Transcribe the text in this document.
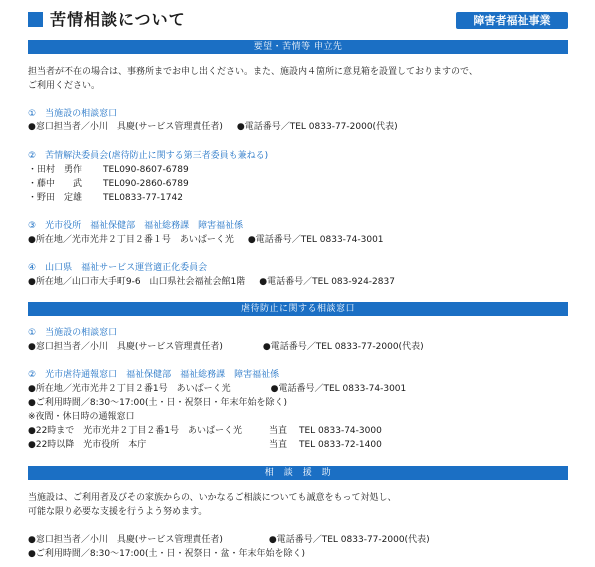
苦情相談について	障害者福祉事業
要望・苦情等 申立先
担当者が不在の場合は、事務所までお申し出ください。また、施設内４箇所に意見箱を設置しておりますので、
ご利用ください。
①　当施設の相談窓口
●窓口担当者／小川　具慶(サービス管理責任者) ●電話番号／TEL 0833-77-2000(代表)
②　苦情解決委員会(虐待防止に関する第三者委員も兼ねる)
・田村　勇作 TEL090-8607-6789
・藤中　　武 TEL090-2860-6789
・野田　定雄 TEL0833-77-1742
③　光市役所　福祉保健部　福祉総務課　障害福祉係
●所在地／光市光井２丁目２番１号　あいぱーく光 ●電話番号／TEL 0833-74-3001
④　山口県　福祉サービス運営適正化委員会
●所在地／山口市大手町9-6　山口県社会福祉会館1階 ●電話番号／TEL 083-924-2837
虐待防止に関する相談窓口
①　当施設の相談窓口
●窓口担当者／小川　具慶(サービス管理責任者)	●電話番号／TEL 0833-77-2000(代表)
②　光市虐待通報窓口　福祉保健部　福祉総務課　障害福祉係
●所在地／光市光井２丁目２番1号　あいぱーく光	●電話番号／TEL 0833-74-3001
●ご利用時間／8:30～17:00(土・日・祝祭日・年末年始を除く)
※夜間・休日時の通報窓口
●22時まで　光市光井２丁目２番1号　あいぱーく光	当直 TEL 0833-74-3000
●22時以降　光市役所　本庁	当直 TEL 0833-72-1400
相　談　援　助
当施設は、ご利用者及びその家族からの、いかなるご相談についても誠意をもって対処し、
可能な限り必要な支援を行うよう努めます。
●窓口担当者／小川　具慶(サービス管理責任者)	●電話番号／TEL 0833-77-2000(代表)
●ご利用時間／8:30～17:00(土・日・祝祭日・盆・年末年始を除く)
